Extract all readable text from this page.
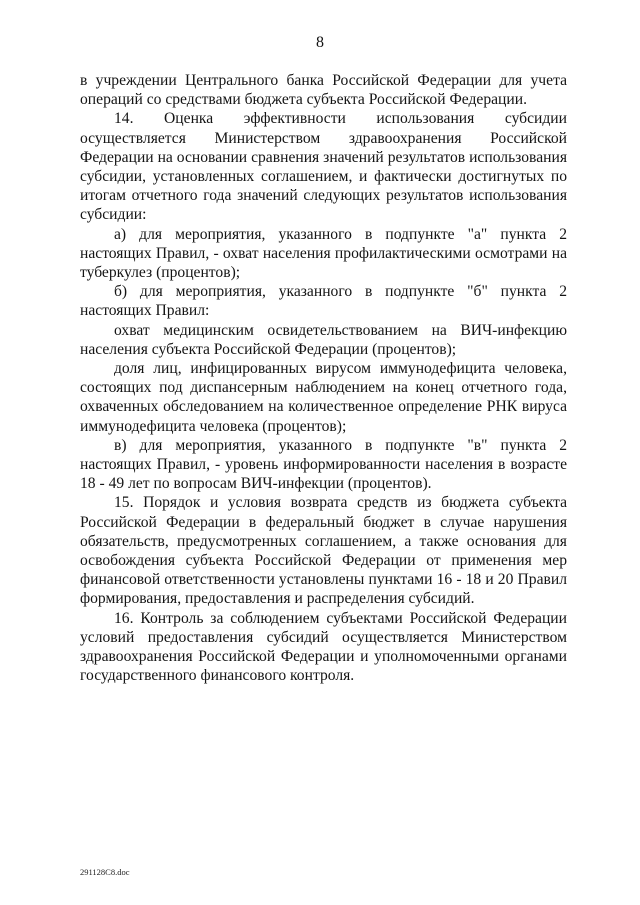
8

в учреждении Центрального банка Российской Федерации для учета операций со средствами бюджета субъекта Российской Федерации.

14. Оценка эффективности использования субсидии осуществляется Министерством здравоохранения Российской Федерации на основании сравнения значений результатов использования субсидии, установленных соглашением, и фактически достигнутых по итогам отчетного года значений следующих результатов использования субсидии:

а) для мероприятия, указанного в подпункте "а" пункта 2 настоящих Правил, - охват населения профилактическими осмотрами на туберкулез (процентов);

б) для мероприятия, указанного в подпункте "б" пункта 2 настоящих Правил:

охват медицинским освидетельствованием на ВИЧ-инфекцию населения субъекта Российской Федерации (процентов);

доля лиц, инфицированных вирусом иммунодефицита человека, состоящих под диспансерным наблюдением на конец отчетного года, охваченных обследованием на количественное определение РНК вируса иммунодефицита человека (процентов);

в) для мероприятия, указанного в подпункте "в" пункта 2 настоящих Правил, - уровень информированности населения в возрасте 18 - 49 лет по вопросам ВИЧ-инфекции (процентов).

15. Порядок и условия возврата средств из бюджета субъекта Российской Федерации в федеральный бюджет в случае нарушения обязательств, предусмотренных соглашением, а также основания для освобождения субъекта Российской Федерации от применения мер финансовой ответственности установлены пунктами 16 - 18 и 20 Правил формирования, предоставления и распределения субсидий.

16. Контроль за соблюдением субъектами Российской Федерации условий предоставления субсидий осуществляется Министерством здравоохранения Российской Федерации и уполномоченными органами государственного финансового контроля.

291128C8.doc
